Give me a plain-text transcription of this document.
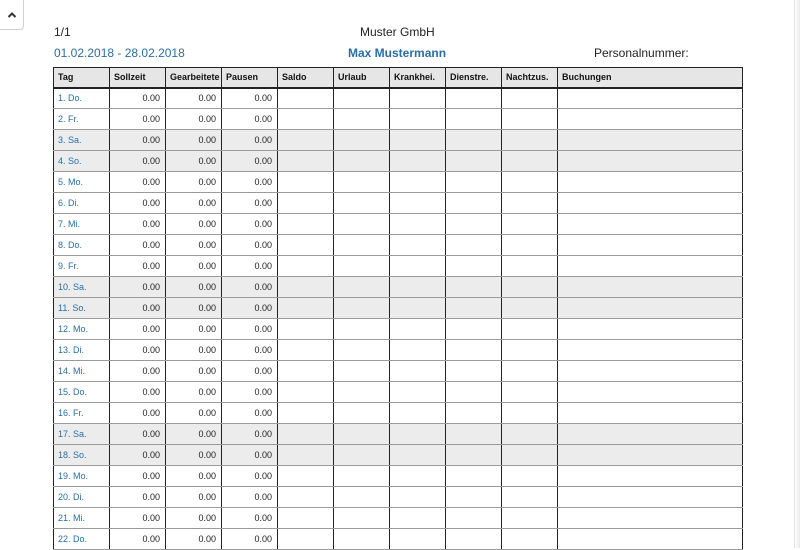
1/1	Muster GmbH
01.02.2018 - 28.02.2018	Max Mustermann	Personalnummer:
Tag	Sollzeit	Gearbeitete	Pausen	Saldo	Urlaub	Krankhei.	Dienstre.	Nachtzus.	Buchungen
1. Do.	0.00	0.00	0.00						
2. Fr.	0.00	0.00	0.00						
3. Sa.	0.00	0.00	0.00						
4. So.	0.00	0.00	0.00						
5. Mo.	0.00	0.00	0.00						
6. Di.	0.00	0.00	0.00						
7. Mi.	0.00	0.00	0.00						
8. Do.	0.00	0.00	0.00						
9. Fr.	0.00	0.00	0.00						
10. Sa.	0.00	0.00	0.00						
11. So.	0.00	0.00	0.00						
12. Mo.	0.00	0.00	0.00						
13. Di.	0.00	0.00	0.00						
14. Mi.	0.00	0.00	0.00						
15. Do.	0.00	0.00	0.00						
16. Fr.	0.00	0.00	0.00						
17. Sa.	0.00	0.00	0.00						
18. So.	0.00	0.00	0.00						
19. Mo.	0.00	0.00	0.00						
20. Di.	0.00	0.00	0.00						
21. Mi.	0.00	0.00	0.00						
22. Do.	0.00	0.00	0.00						
